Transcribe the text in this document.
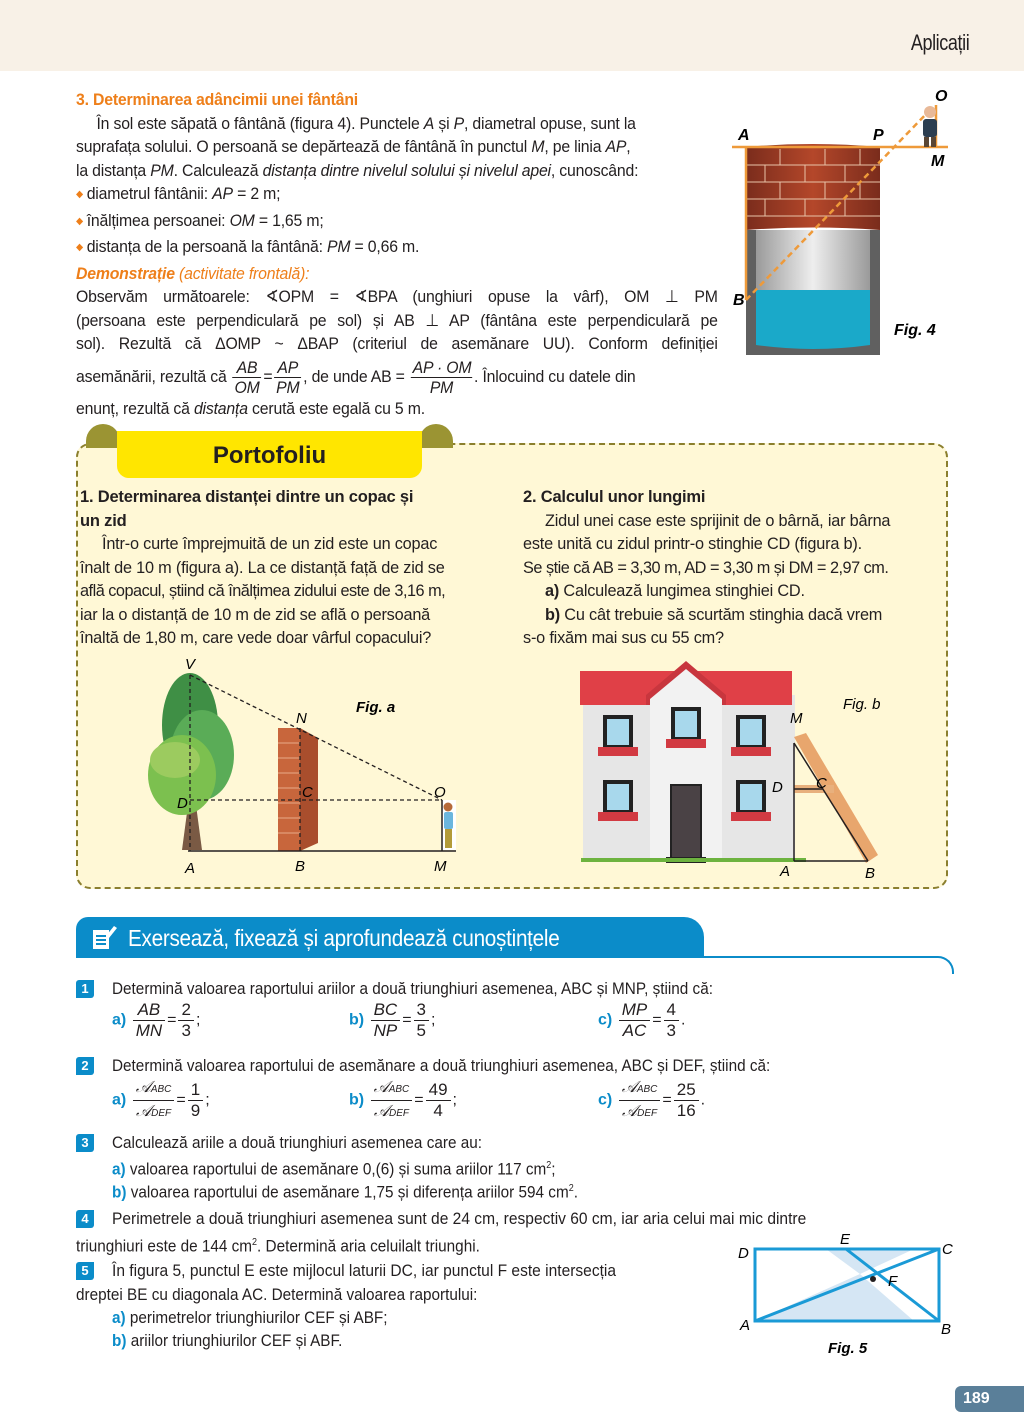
Aplicații
3. Determinarea adâncimii unei fântâni
În sol este săpată o fântână (figura 4). Punctele A și P, diametral opuse, sunt la
suprafața solului. O persoană se depărtează de fântână în punctul M, pe linia AP,
la distanța PM. Calculează distanța dintre nivelul solului și nivelul apei, cunoscând:
◆ diametrul fântânii: AP = 2 m;
◆ înălțimea persoanei: OM = 1,65 m;
◆ distanța de la persoană la fântână: PM = 0,66 m.
Demonstrație (activitate frontală):
Observăm următoarele: ∢OPM = ∢BPA (unghiuri opuse la vârf), OM ⊥ PM
(persoana este perpendiculară pe sol) și AB ⊥ AP (fântâna este perpendiculară pe
sol). Rezultă că ΔOMP ~ ΔBAP (criteriul de asemănare UU). Conform definiției
asemănării, rezultă că $\frac{AB}{OM} = \frac{AP}{PM}$ , de unde AB = $\frac{AP \cdot OM}{PM}$ . Înlocuind cu datele din
enunț, rezultă că distanța cerută este egală cu 5 m.
O
A	P
M
B
Fig. 4
Portofoliu
1. Determinarea distanței dintre un copac și
un zid
Într-o curte împrejmuită de un zid este un copac
înalt de 10 m (figura a). La ce distanță față de zid se
află copacul, știind că înălțimea zidului este de 3,16 m,
iar la o distanță de 10 m de zid se află o persoană
înaltă de 1,80 m, care vede doar vârful copacului?
2. Calculul unor lungimi
Zidul unei case este sprijinit de o bârnă, iar bârna
este unită cu zidul printr-o stinghie CD (figura b).
Se știe că AB = 3,30 m, AD = 3,30 m și DM = 2,97 cm.
a) Calculează lungimea stinghiei CD.
b) Cu cât trebuie să scurtăm stinghia dacă vrem
s-o fixăm mai sus cu 55 cm?
V
N
D
C	O
A	B	M
Fig. a
M
D C
A	B
Fig. b
Exersează, fixează și aprofundează cunoștințele
1	Determină valoarea raportului ariilor a două triunghiuri asemenea, ABC și MNP, știind că:
$a) \frac{AB}{MN} = \frac{2}{3}$ ;	$b) \frac{BC}{NP} = \frac{3}{5}$ ;	$c) \frac{MP}{AC} = \frac{4}{3}$ .
2	Determină valoarea raportului de asemănare a două triunghiuri asemenea, ABC și DEF, știind că:
$a) \frac{\text{𝒜ABC}}{\text{𝒜DEF}} = \frac{1}{9}$ ;	$b) \frac{\text{𝒜ABC}}{\text{𝒜DEF}} = \frac{49}{4}$ ;	$c) \frac{\text{𝒜ABC}}{\text{𝒜DEF}} = \frac{25}{16}$ .
3	Calculează ariile a două triunghiuri asemenea care au:
a) valoarea raportului de asemănare 0,(6) și suma ariilor 117 $cm^2$;
b) valoarea raportului de asemănare 1,75 și diferența ariilor 594 $cm^2$.
4	Perimetrele a două triunghiuri asemenea sunt de 24 cm, respectiv 60 cm, iar aria celui mai mic dintre
triunghiuri este de 144 $cm^2$. Determină aria celuilalt triunghi.
5	În figura 5, punctul E este mijlocul laturii DC, iar punctul F este intersecția
dreptei BE cu diagonala AC. Determină valoarea raportului:
a) perimetrelor triunghiurilor CEF și ABF;
b) ariilor triunghiurilor CEF și ABF.
D
E
C
F
A	B
Fig. 5
189
